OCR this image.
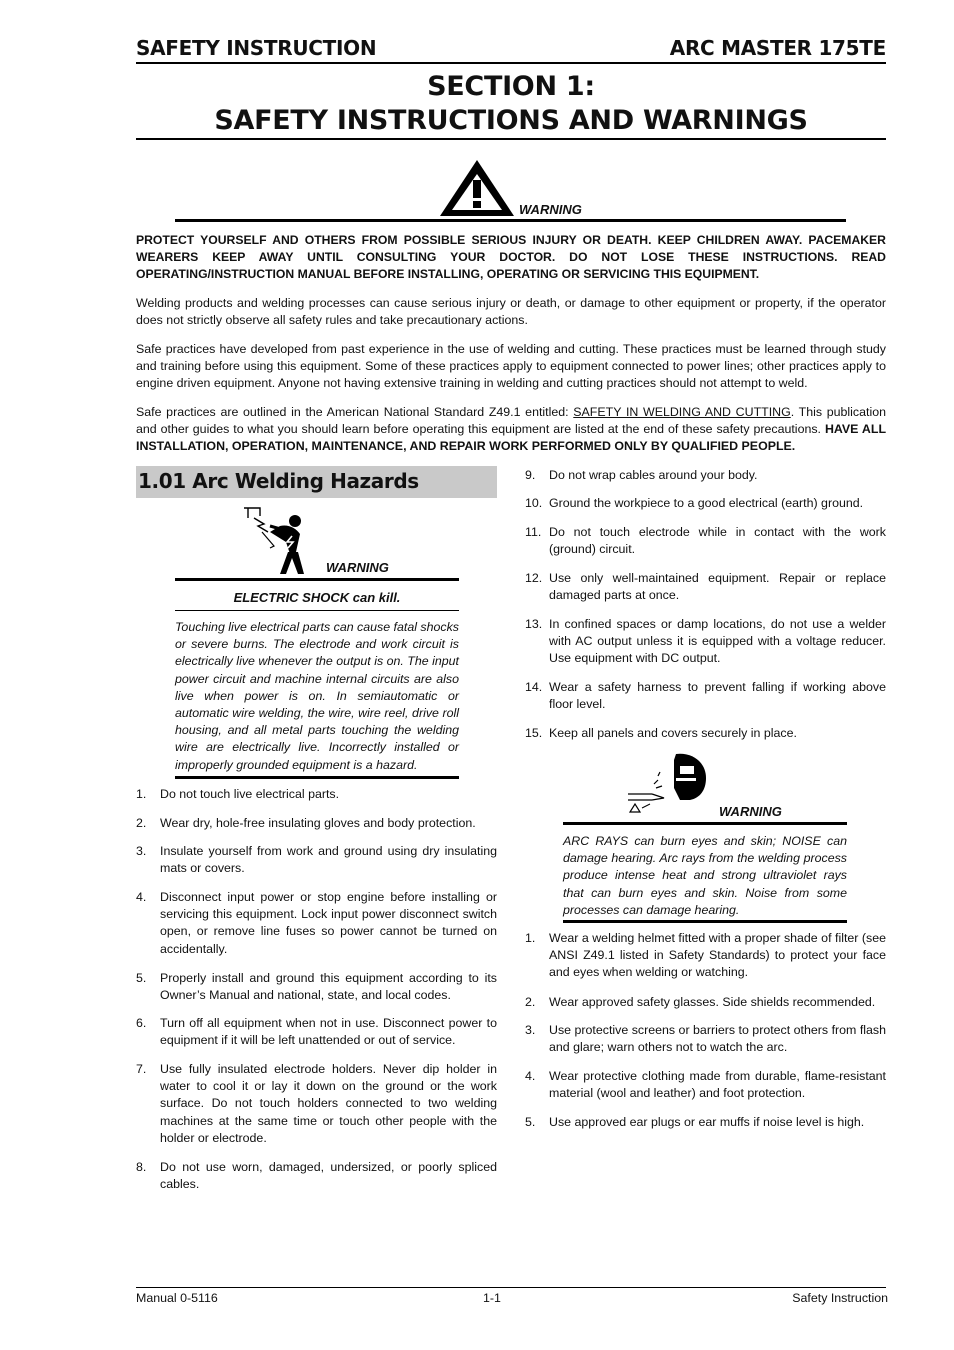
SAFETY INSTRUCTION	ARC MASTER 175TE
SECTION 1:
SAFETY INSTRUCTIONS AND WARNINGS
WARNING
PROTECT YOURSELF AND OTHERS FROM POSSIBLE SERIOUS INJURY OR DEATH. KEEP CHILDREN AWAY. PACEMAKER WEARERS KEEP AWAY UNTIL CONSULTING YOUR DOCTOR. DO NOT LOSE THESE INSTRUCTIONS. READ OPERATING/INSTRUCTION MANUAL BEFORE INSTALLING, OPERATING OR SERVICING THIS EQUIPMENT.
Welding products and welding processes can cause serious injury or death, or damage to other equipment or property, if the operator does not strictly observe all safety rules and take precautionary actions.
Safe practices have developed from past experience in the use of welding and cutting. These practices must be learned through study and training before using this equipment. Some of these practices apply to equipment connected to power lines; other practices apply to engine driven equipment. Anyone not having extensive training in welding and cutting practices should not attempt to weld.
Safe practices are outlined in the American National Standard Z49.1 entitled: SAFETY IN WELDING AND CUTTING. This publication and other guides to what you should learn before operating this equipment are listed at the end of these safety precautions. HAVE ALL INSTALLATION, OPERATION, MAINTENANCE, AND REPAIR WORK PERFORMED ONLY BY QUALIFIED PEOPLE.
1.01 Arc Welding Hazards
WARNING
ELECTRIC SHOCK can kill.
Touching live electrical parts can cause fatal shocks or severe burns. The electrode and work circuit is electrically live whenever the output is on. The input power circuit and machine internal circuits are also live when power is on. In semiautomatic or automatic wire welding, the wire, wire reel, drive roll housing, and all metal parts touching the welding wire are electrically live. Incorrectly installed or improperly grounded equipment is a hazard.
1. Do not touch live electrical parts.
2. Wear dry, hole-free insulating gloves and body protection.
3. Insulate yourself from work and ground using dry insulating mats or covers.
4. Disconnect input power or stop engine before installing or servicing this equipment. Lock input power disconnect switch open, or remove line fuses so power cannot be turned on accidentally.
5. Properly install and ground this equipment according to its Owner’s Manual and national, state, and local codes.
6. Turn off all equipment when not in use. Disconnect power to equipment if it will be left unattended or out of service.
7. Use fully insulated electrode holders. Never dip holder in water to cool it or lay it down on the ground or the work surface. Do not touch holders connected to two welding machines at the same time or touch other people with the holder or electrode.
8. Do not use worn, damaged, undersized, or poorly spliced cables.
9. Do not wrap cables around your body.
10. Ground the workpiece to a good electrical (earth) ground.
11. Do not touch electrode while in contact with the work (ground) circuit.
12. Use only well-maintained equipment. Repair or replace damaged parts at once.
13. In confined spaces or damp locations, do not use a welder with AC output unless it is equipped with a voltage reducer. Use equipment with DC output.
14. Wear a safety harness to prevent falling if working above floor level.
15. Keep all panels and covers securely in place.
WARNING
ARC RAYS can burn eyes and skin; NOISE can damage hearing. Arc rays from the welding process produce intense heat and strong ultraviolet rays that can burn eyes and skin. Noise from some processes can damage hearing.
1. Wear a welding helmet fitted with a proper shade of filter (see ANSI Z49.1 listed in Safety Standards) to protect your face and eyes when welding or watching.
2. Wear approved safety glasses. Side shields recommended.
3. Use protective screens or barriers to protect others from flash and glare; warn others not to watch the arc.
4. Wear protective clothing made from durable, flame-resistant material (wool and leather) and foot protection.
5. Use approved ear plugs or ear muffs if noise level is high.
Manual 0-5116	1-1	Safety Instruction
